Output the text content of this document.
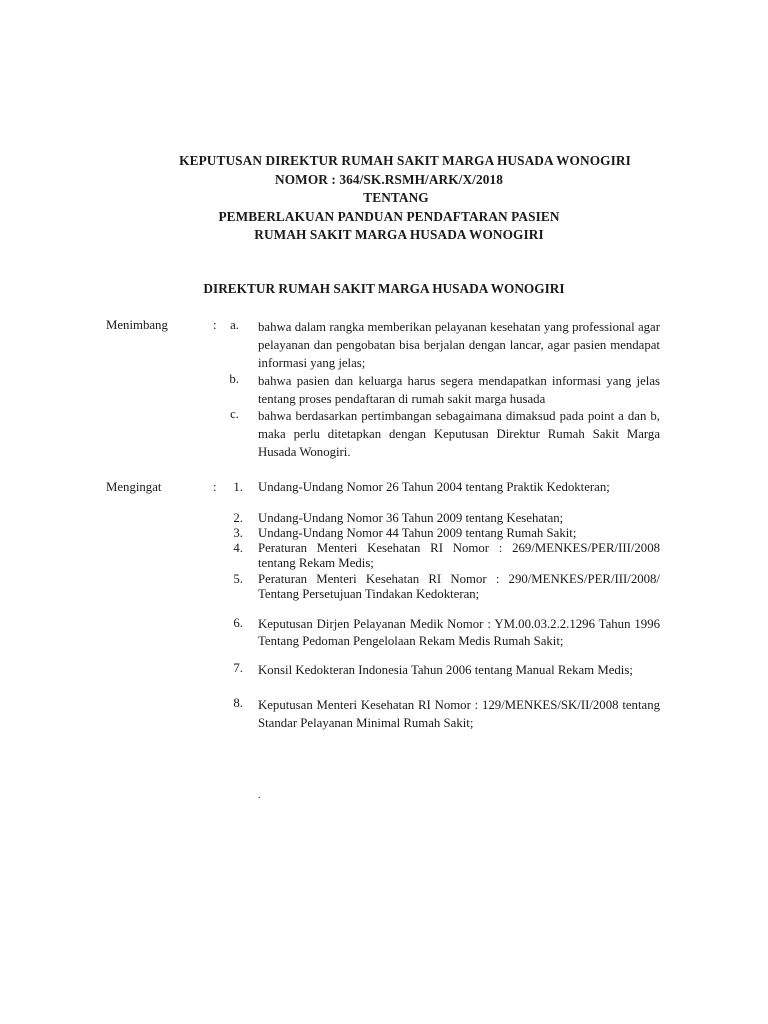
KEPUTUSAN DIREKTUR RUMAH SAKIT MARGA HUSADA WONOGIRI
NOMOR : 364/SK.RSMH/ARK/X/2018
TENTANG
PEMBERLAKUAN PANDUAN PENDAFTARAN PASIEN
RUMAH SAKIT MARGA HUSADA WONOGIRI
DIREKTUR RUMAH SAKIT MARGA HUSADA WONOGIRI
Menimbang	:	a. bahwa dalam rangka memberikan pelayanan kesehatan yang professional agar pelayanan dan pengobatan bisa berjalan dengan lancar, agar pasien mendapat informasi yang jelas;
b. bahwa pasien dan keluarga harus segera mendapatkan informasi yang jelas tentang proses pendaftaran di rumah sakit marga husada
c. bahwa berdasarkan pertimbangan sebagaimana dimaksud pada point a dan b, maka perlu ditetapkan dengan Keputusan Direktur Rumah Sakit Marga Husada Wonogiri.
Mengingat	:	1. Undang-Undang Nomor 26 Tahun 2004 tentang Praktik Kedokteran;
2. Undang-Undang Nomor 36 Tahun 2009 tentang Kesehatan;
3. Undang-Undang Nomor 44 Tahun 2009 tentang Rumah Sakit;
4. Peraturan Menteri Kesehatan RI Nomor : 269/MENKES/PER/III/2008 tentang Rekam Medis;
5. Peraturan Menteri Kesehatan RI Nomor : 290/MENKES/PER/III/2008/ Tentang Persetujuan Tindakan Kedokteran;
6. Keputusan Dirjen Pelayanan Medik Nomor : YM.00.03.2.2.1296 Tahun 1996 Tentang Pedoman Pengelolaan Rekam Medis Rumah Sakit;
7. Konsil Kedokteran Indonesia Tahun 2006 tentang Manual Rekam Medis;
8. Keputusan Menteri Kesehatan RI Nomor : 129/MENKES/SK/II/2008 tentang Standar Pelayanan Minimal Rumah Sakit;
.
